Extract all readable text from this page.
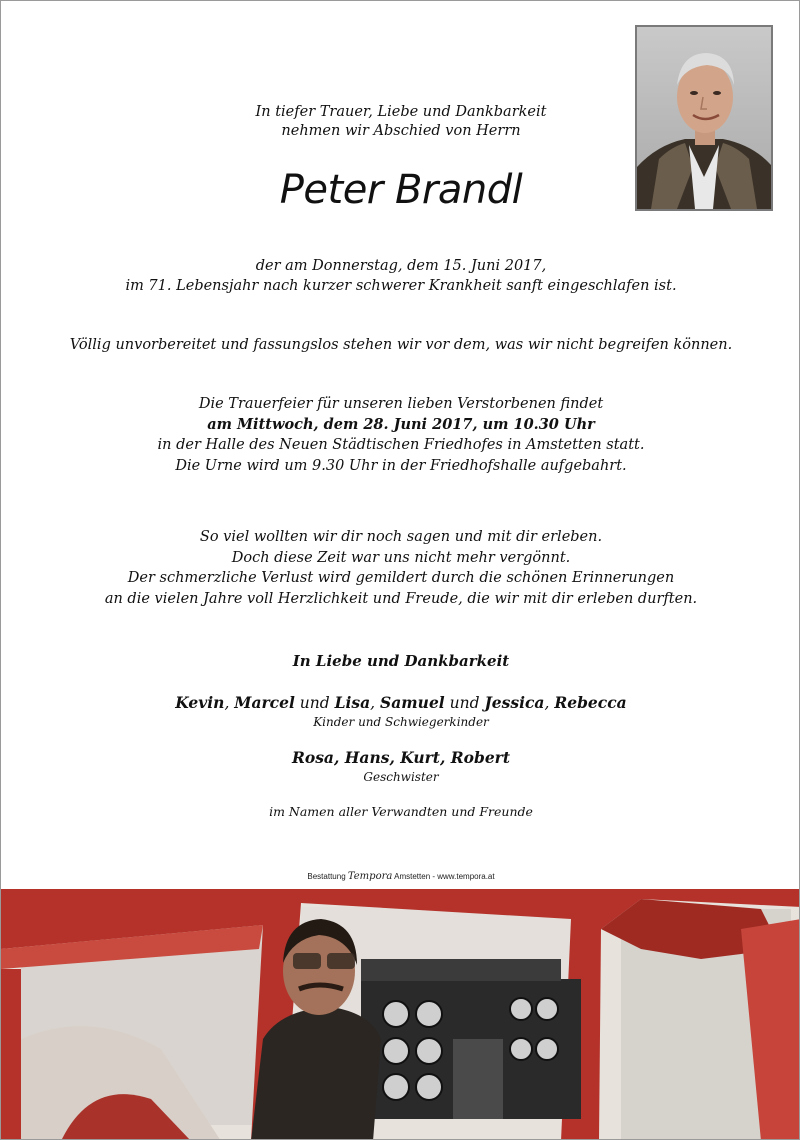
In tiefer Trauer, Liebe und Dankbarkeit
nehmen wir Abschied von Herrn
Peter Brandl
der am Donnerstag, dem 15. Juni 2017,
im 71. Lebensjahr nach kurzer schwerer Krankheit sanft eingeschlafen ist.
Völlig unvorbereitet und fassungslos stehen wir vor dem, was wir nicht begreifen können.
Die Trauerfeier für unseren lieben Verstorbenen findet
am Mittwoch, dem 28. Juni 2017, um 10.30 Uhr
in der Halle des Neuen Städtischen Friedhofes in Amstetten statt.
Die Urne wird um 9.30 Uhr in der Friedhofshalle aufgebahrt.
So viel wollten wir dir noch sagen und mit dir erleben.
Doch diese Zeit war uns nicht mehr vergönnt.
Der schmerzliche Verlust wird gemildert durch die schönen Erinnerungen
an die vielen Jahre voll Herzlichkeit und Freude, die wir mit dir erleben durften.
In Liebe und Dankbarkeit
Kevin, Marcel und Lisa, Samuel und Jessica, Rebecca
Kinder und Schwiegerkinder
Rosa, Hans, Kurt, Robert
Geschwister
im Namen aller Verwandten und Freunde
Bestattung Tempora Amstetten - www.tempora.at
